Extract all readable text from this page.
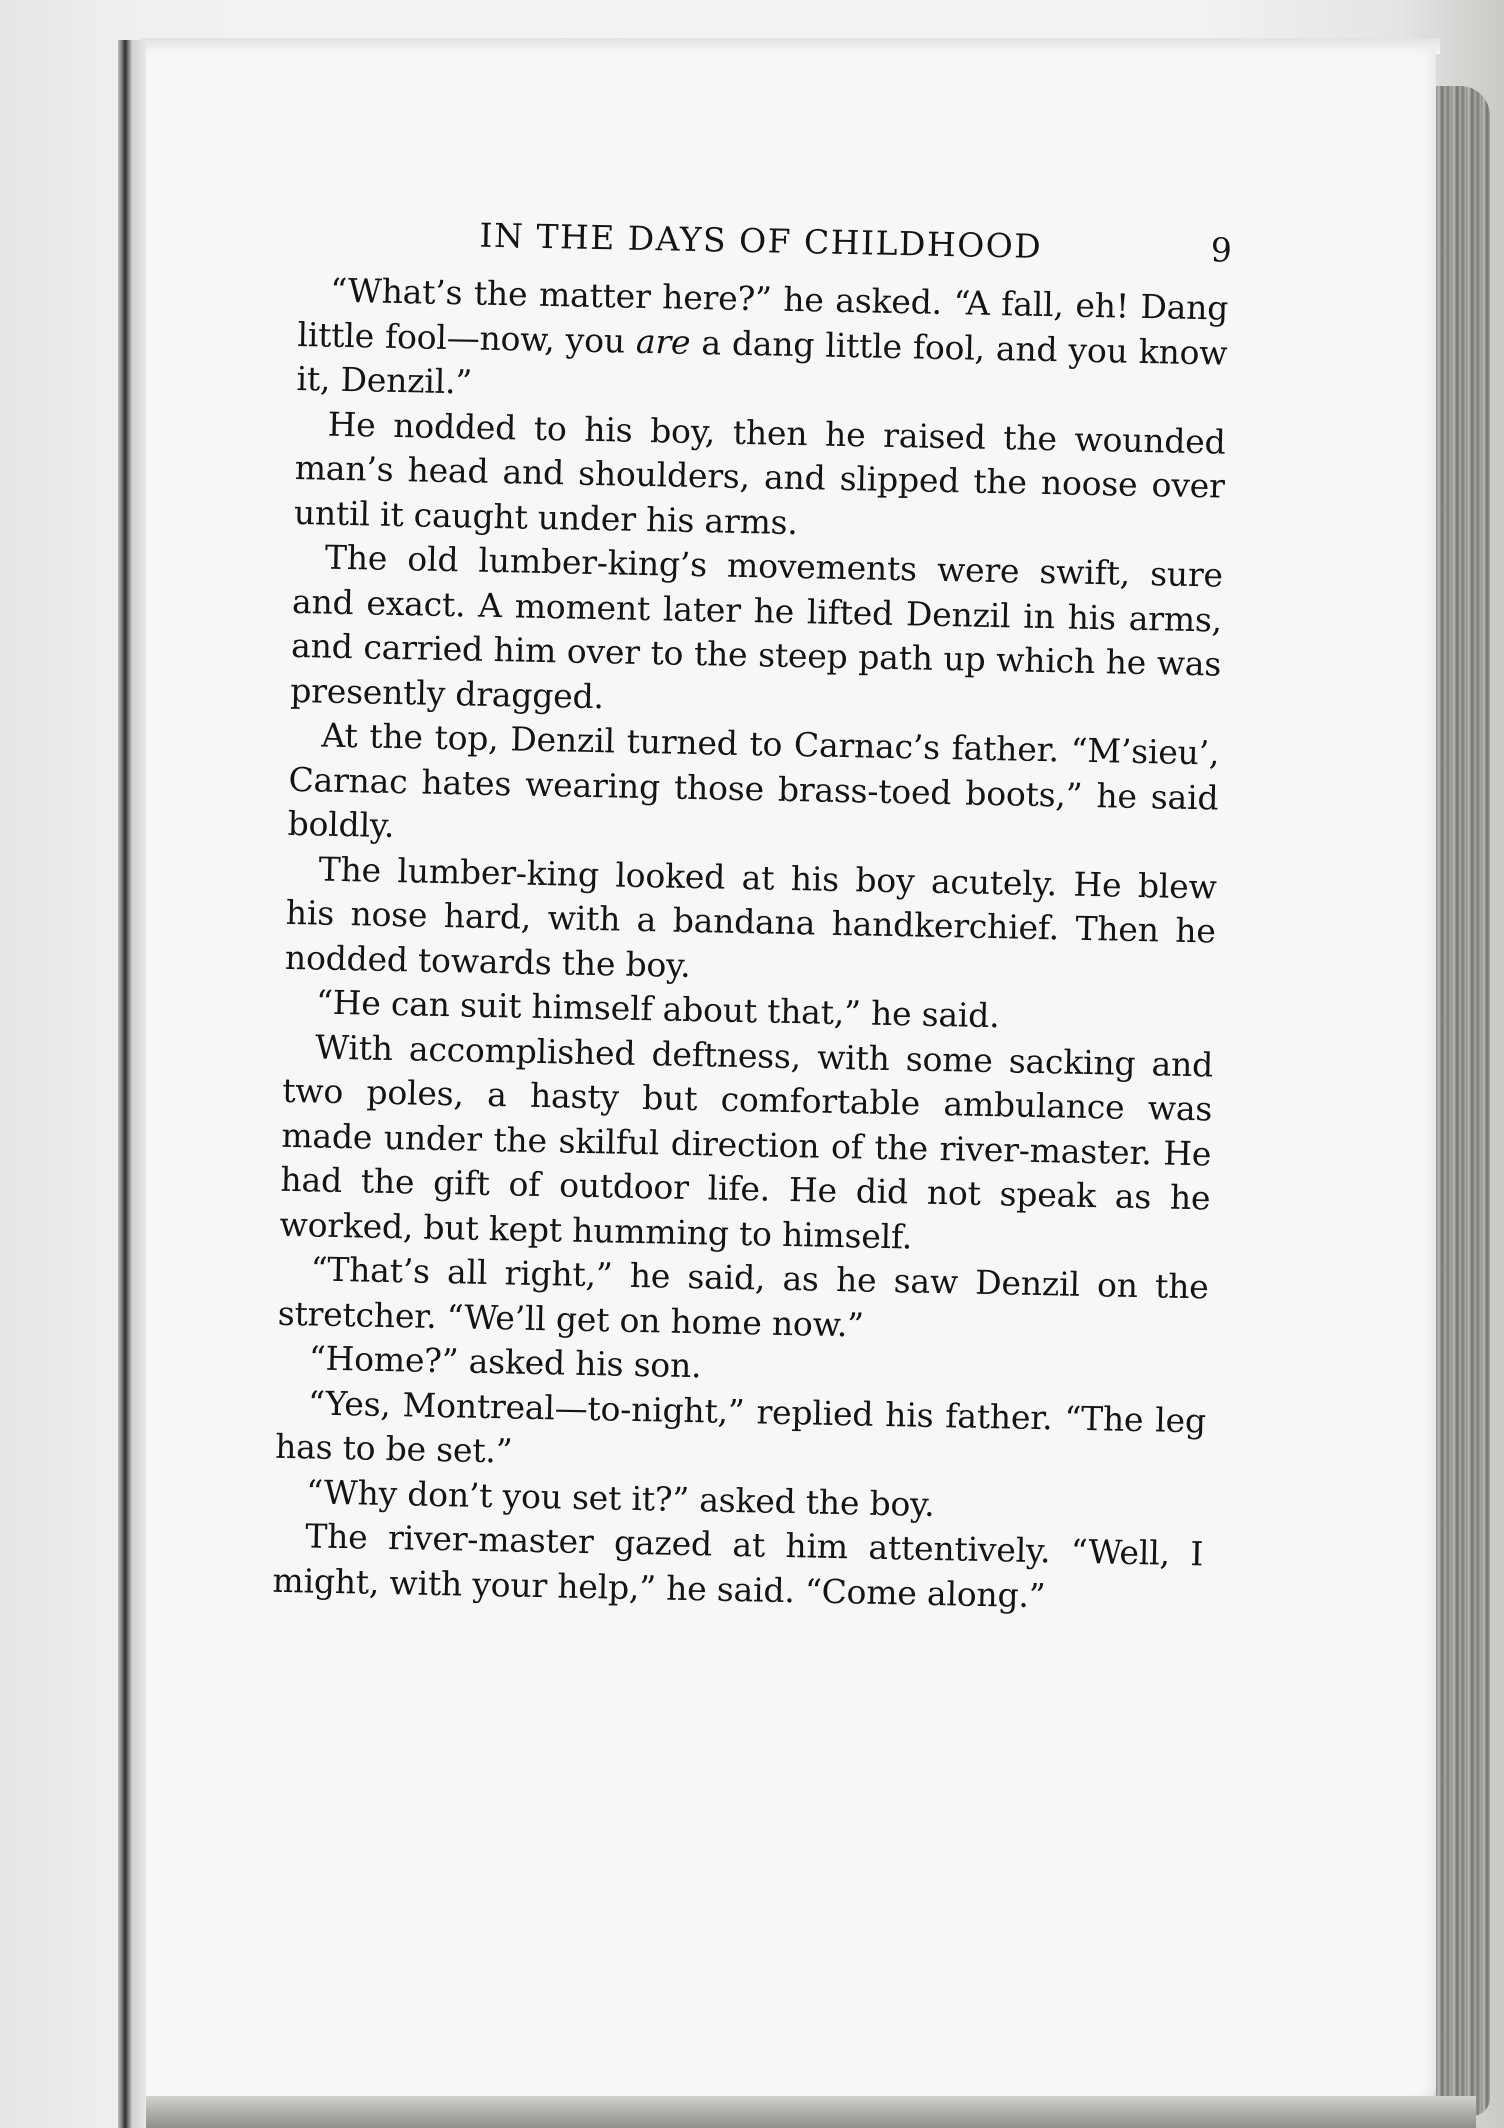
IN THE DAYS OF CHILDHOOD	9

“What’s the matter here?” he asked. “A fall, eh! Dang little fool—now, you are a dang little fool, and you know it, Denzil.”

He nodded to his boy, then he raised the wounded man’s head and shoulders, and slipped the noose over until it caught under his arms.

The old lumber-king’s movements were swift, sure and exact. A moment later he lifted Denzil in his arms, and carried him over to the steep path up which he was presently dragged.

At the top, Denzil turned to Carnac’s father. “M’sieu’, Carnac hates wearing those brass-toed boots,” he said boldly.

The lumber-king looked at his boy acutely. He blew his nose hard, with a bandana handkerchief. Then he nodded towards the boy.

“He can suit himself about that,” he said.

With accomplished deftness, with some sacking and two poles, a hasty but comfortable ambulance was made under the skilful direction of the river-master. He had the gift of outdoor life. He did not speak as he worked, but kept humming to himself.

“That’s all right,” he said, as he saw Denzil on the stretcher. “We’ll get on home now.”

“Home?” asked his son.

“Yes, Montreal—to-night,” replied his father. “The leg has to be set.”

“Why don’t you set it?” asked the boy.

The river-master gazed at him attentively. “Well, I might, with your help,” he said. “Come along.”
